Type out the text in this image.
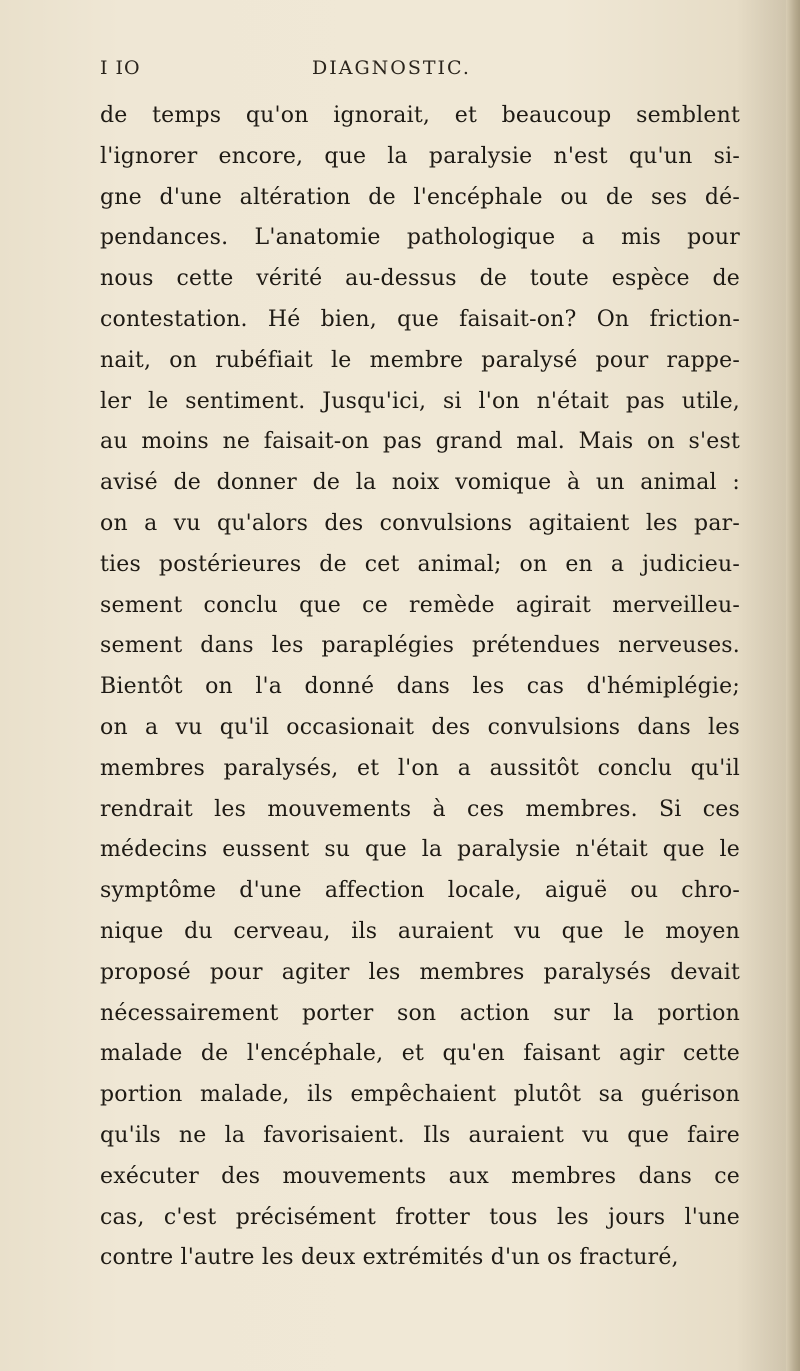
I IO	DIAGNOSTIC.
de temps qu'on ignorait, et beaucoup semblent
l'ignorer encore, que la paralysie n'est qu'un si-
gne d'une altération de l'encéphale ou de ses dé-
pendances. L'anatomie pathologique a mis pour
nous cette vérité au-dessus de toute espèce de
contestation. Hé bien, que faisait-on? On friction-
nait, on rubéfiait le membre paralysé pour rappe-
ler le sentiment. Jusqu'ici, si l'on n'était pas utile,
au moins ne faisait-on pas grand mal. Mais on s'est
avisé de donner de la noix vomique à un animal :
on a vu qu'alors des convulsions agitaient les par-
ties postérieures de cet animal; on en a judicieu-
sement conclu que ce remède agirait merveilleu-
sement dans les paraplégies prétendues nerveuses.
Bientôt on l'a donné dans les cas d'hémiplégie;
on a vu qu'il occasionait des convulsions dans les
membres paralysés, et l'on a aussitôt conclu qu'il
rendrait les mouvements à ces membres. Si ces
médecins eussent su que la paralysie n'était que le
symptôme d'une affection locale, aiguë ou chro-
nique du cerveau, ils auraient vu que le moyen
proposé pour agiter les membres paralysés devait
nécessairement porter son action sur la portion
malade de l'encéphale, et qu'en faisant agir cette
portion malade, ils empêchaient plutôt sa guérison
qu'ils ne la favorisaient. Ils auraient vu que faire
exécuter des mouvements aux membres dans ce
cas, c'est précisément frotter tous les jours l'une
contre l'autre les deux extrémités d'un os fracturé,
